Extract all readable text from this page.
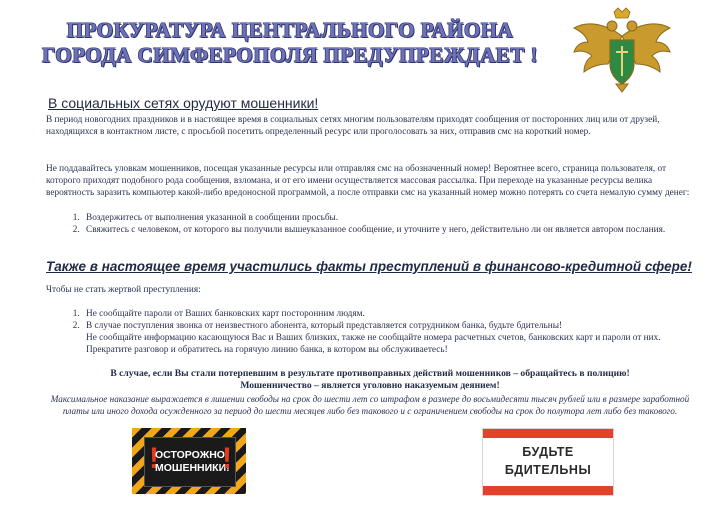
ПРОКУРАТУРА ЦЕНТРАЛЬНОГО РАЙОНА
ГОРОДА СИМФЕРОПОЛЯ ПРЕДУПРЕЖДАЕТ !
В социальных сетях орудуют мошенники!
В период новогодних праздников и в настоящее время в социальных сетях многим пользователям приходят сообщения от посторонних лиц или от друзей, находящихся в контактном листе, с просьбой посетить определенный ресурс или проголосовать за них, отправив смс на короткий номер.
Не поддавайтесь уловкам мошенников, посещая указанные ресурсы или отправляя смс на обозначенный номер! Вероятнее всего, страница пользователя, от которого приходят подобного рода сообщения, взломана, и от его имени осуществляется массовая рассылка. При переходе на указанные ресурсы велика вероятность заразить компьютер какой-либо вредоносной программой, а после отправки смс на указанный номер можно потерять со счета немалую сумму денег:
1. Воздержитесь от выполнения указанной в сообщении просьбы.
2. Свяжитесь с человеком, от которого вы получили вышеуказанное сообщение, и уточните у него, действительно ли он является автором послания.
Также в настоящее время участились факты преступлений в финансово-кредитной сфере!
Чтобы не стать жертвой преступления:
1. Не сообщайте пароли от Ваших банковских карт посторонним людям.
2. В случае поступления звонка от неизвестного абонента, который представляется сотрудником банка, будьте бдительны!
Не сообщайте информацию касающуюся Вас и Ваших близких, также не сообщайте номера расчетных счетов, банковских карт и пароли от них. Прекратите разговор и обратитесь на горячую линию банка, в котором вы обслуживаетесь!
В случае, если Вы стали потерпевшим в результате противоправных действий мошенников – обращайтесь в полицию!
Мошенничество – является уголовно наказуемым деянием!
Максимальное наказание выражается в лишении свободы на срок до шести лет со штрафом в размере до восьмидесяти тысяч рублей или в размере заработной платы или иного дохода осужденного за период до шести месяцев либо без такового и с ограничением свободы на срок до полутора лет либо без такового.
!
ОСТОРОЖНО!
МОШЕННИКИ!
!	БУДЬТЕ
БДИТЕЛЬНЫ
